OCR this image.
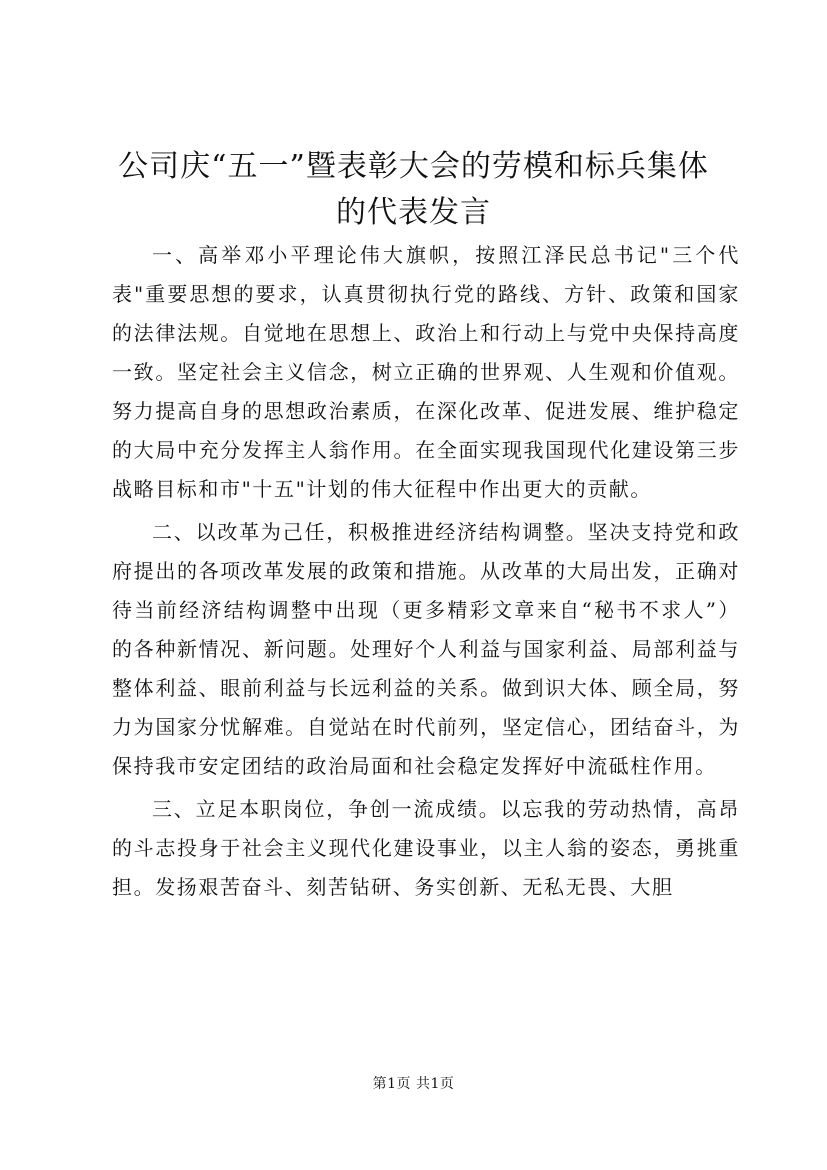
公司庆“五一”暨表彰大会的劳模和标兵集体
的代表发言

一、高举邓小平理论伟大旗帜，按照江泽民总书记"三个代表"重要思想的要求，认真贯彻执行党的路线、方针、政策和国家的法律法规。自觉地在思想上、政治上和行动上与党中央保持高度一致。坚定社会主义信念，树立正确的世界观、人生观和价值观。努力提高自身的思想政治素质，在深化改革、促进发展、维护稳定的大局中充分发挥主人翁作用。在全面实现我国现代化建设第三步战略目标和市"十五"计划的伟大征程中作出更大的贡献。

二、以改革为己任，积极推进经济结构调整。坚决支持党和政府提出的各项改革发展的政策和措施。从改革的大局出发，正确对待当前经济结构调整中出现（更多精彩文章来自“秘书不求人”）的各种新情况、新问题。处理好个人利益与国家利益、局部利益与整体利益、眼前利益与长远利益的关系。做到识大体、顾全局，努力为国家分忧解难。自觉站在时代前列，坚定信心，团结奋斗，为保持我市安定团结的政治局面和社会稳定发挥好中流砥柱作用。

三、立足本职岗位，争创一流成绩。以忘我的劳动热情，高昂的斗志投身于社会主义现代化建设事业，以主人翁的姿态，勇挑重担。发扬艰苦奋斗、刻苦钻研、务实创新、无私无畏、大胆

第1页 共1页
